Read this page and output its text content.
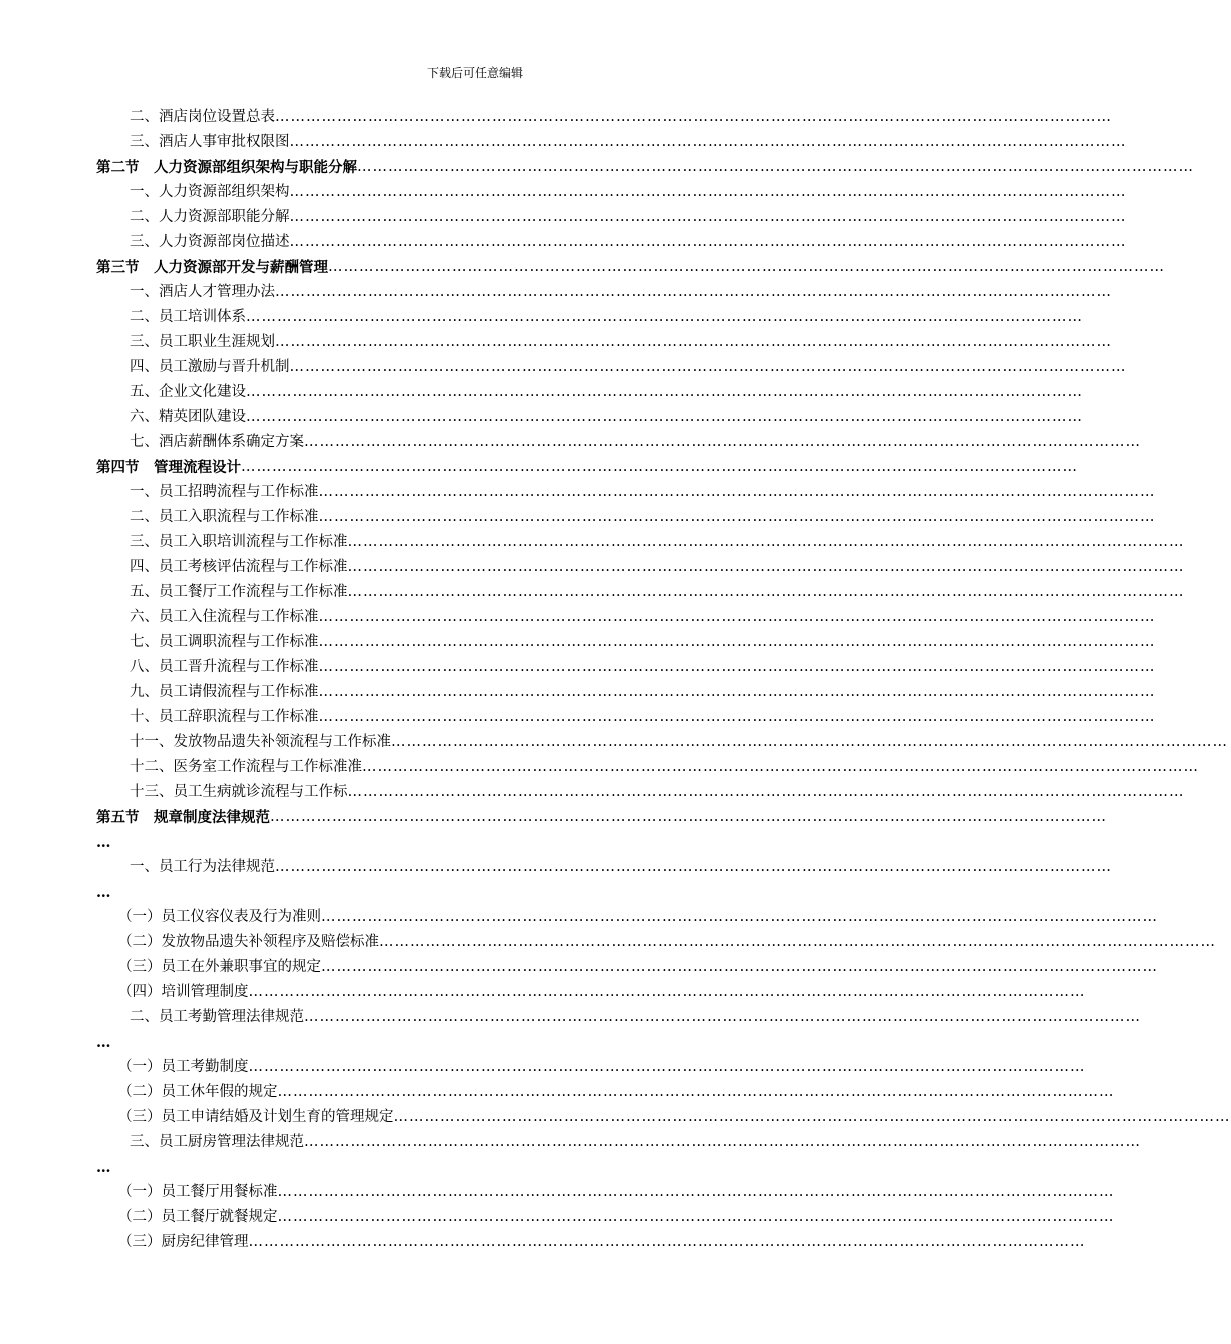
下载后可任意编辑
二、酒店岗位设置总表 ………………………………………………………………………………………………………………………………………………
三、酒店人事审批权限图 ………………………………………………………………………………………………………………………………………………
第二节　人力资源部组织架构与职能分解 ………………………………………………………………………………………………………………………………………………
一、人力资源部组织架构 ………………………………………………………………………………………………………………………………………………
二、人力资源部职能分解 ………………………………………………………………………………………………………………………………………………
三、人力资源部岗位描述 ………………………………………………………………………………………………………………………………………………
第三节　人力资源部开发与薪酬管理 ………………………………………………………………………………………………………………………………………………
一、酒店人才管理办法 ………………………………………………………………………………………………………………………………………………
二、员工培训体系 ………………………………………………………………………………………………………………………………………………
三、员工职业生涯规划 ………………………………………………………………………………………………………………………………………………
四、员工激励与晋升机制 ………………………………………………………………………………………………………………………………………………
五、企业文化建设 ………………………………………………………………………………………………………………………………………………
六、精英团队建设 ………………………………………………………………………………………………………………………………………………
七、酒店薪酬体系确定方案 ………………………………………………………………………………………………………………………………………………
第四节　管理流程设计 ………………………………………………………………………………………………………………………………………………
一、员工招聘流程与工作标准 ………………………………………………………………………………………………………………………………………………
二、员工入职流程与工作标准 ………………………………………………………………………………………………………………………………………………
三、员工入职培训流程与工作标准 ………………………………………………………………………………………………………………………………………………
四、员工考核评估流程与工作标准 ………………………………………………………………………………………………………………………………………………
五、员工餐厅工作流程与工作标准 ………………………………………………………………………………………………………………………………………………
六、员工入住流程与工作标准 ………………………………………………………………………………………………………………………………………………
七、员工调职流程与工作标准 ………………………………………………………………………………………………………………………………………………
八、员工晋升流程与工作标准 ………………………………………………………………………………………………………………………………………………
九、员工请假流程与工作标准 ………………………………………………………………………………………………………………………………………………
十、员工辞职流程与工作标准 ………………………………………………………………………………………………………………………………………………
十一、发放物品遗失补领流程与工作标准 ………………………………………………………………………………………………………………………………………………
十二、医务室工作流程与工作标准准 ………………………………………………………………………………………………………………………………………………
十三、员工生病就诊流程与工作标 ………………………………………………………………………………………………………………………………………………
第五节　规章制度法律规范 ………………………………………………………………………………………………………………………………………………
…
一、员工行为法律规范 ………………………………………………………………………………………………………………………………………………
…
（一）员工仪容仪表及行为准则 ………………………………………………………………………………………………………………………………………………
（二）发放物品遗失补领程序及赔偿标准 ………………………………………………………………………………………………………………………………………………
（三）员工在外兼职事宜的规定 ………………………………………………………………………………………………………………………………………………
（四）培训管理制度 ………………………………………………………………………………………………………………………………………………
二、员工考勤管理法律规范 ………………………………………………………………………………………………………………………………………………
…
（一）员工考勤制度 ………………………………………………………………………………………………………………………………………………
（二）员工休年假的规定 ………………………………………………………………………………………………………………………………………………
（三）员工申请结婚及计划生育的管理规定 ………………………………………………………………………………………………………………………………………………
三、员工厨房管理法律规范 ………………………………………………………………………………………………………………………………………………
…
（一）员工餐厅用餐标准 ………………………………………………………………………………………………………………………………………………
（二）员工餐厅就餐规定 ………………………………………………………………………………………………………………………………………………
（三）厨房纪律管理 ………………………………………………………………………………………………………………………………………………
